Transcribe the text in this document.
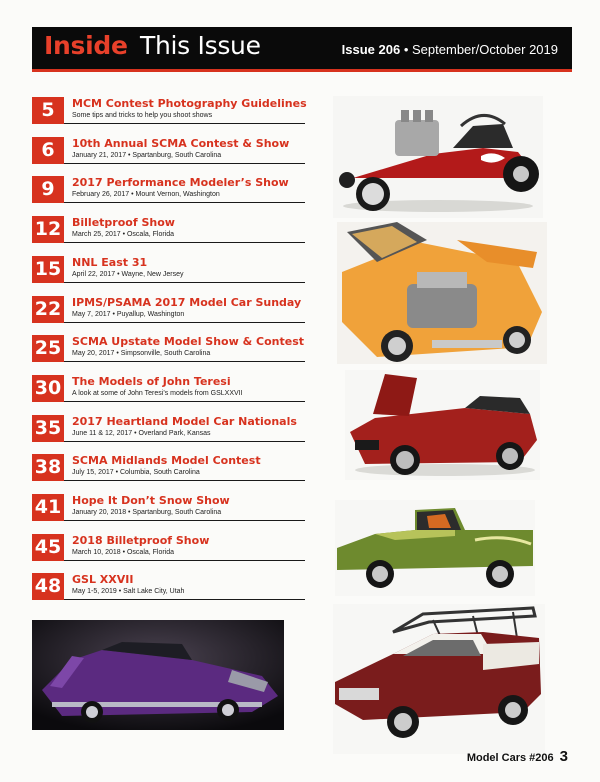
Inside This Issue	Issue 206 • September/October 2019
5	MCM Contest Photography Guidelines
Some tips and tricks to help you shoot shows
6	10th Annual SCMA Contest & Show
January 21, 2017 • Spartanburg, South Carolina
9	2017 Performance Modeler’s Show
February 26, 2017 • Mount Vernon, Washington
12 Billetproof Show
March 25, 2017 • Oscala, Florida
15 NNL East 31
April 22, 2017 • Wayne, New Jersey
22 IPMS/PSAMA 2017 Model Car Sunday
May 7, 2017 • Puyallup, Washington
25 SCMA Upstate Model Show & Contest
May 20, 2017 • Simpsonville, South Carolina
30 The Models of John Teresi
A look at some of John Teresi’s models from GSLXXVII
35 2017 Heartland Model Car Nationals
June 11 & 12, 2017 • Overland Park, Kansas
38 SCMA Midlands Model Contest
July 15, 2017 • Columbia, South Carolina
41 Hope It Don’t Snow Show
January 20, 2018 • Spartanburg, South Carolina
45 2018 Billetproof Show
March 10, 2018 • Oscala, Florida
48 GSL XXVII
May 1-5, 2019 • Salt Lake City, Utah
Model Cars #206 3
